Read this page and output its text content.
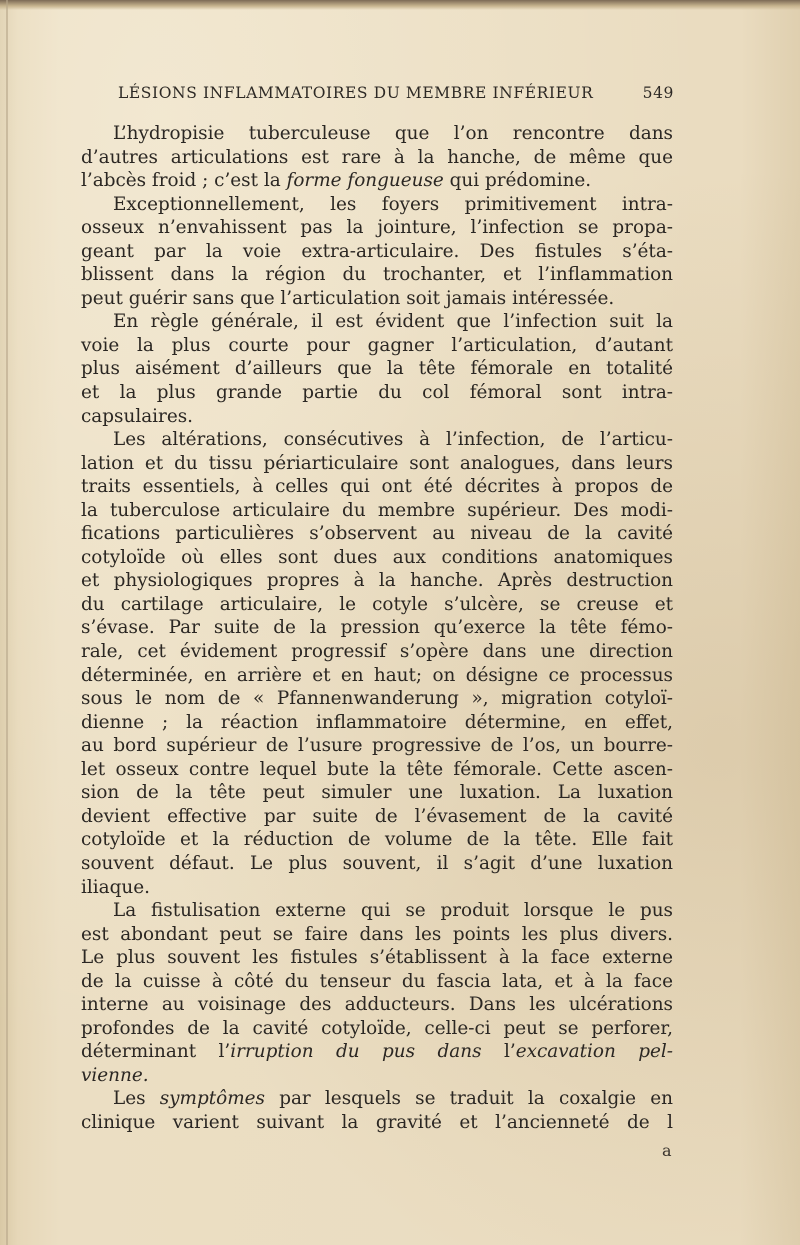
LÉSIONS INFLAMMATOIRES DU MEMBRE INFÉRIEUR	549
L’hydropisie tuberculeuse que l’on rencontre dans
d’autres articulations est rare à la hanche, de même que
l’abcès froid ; c’est la forme fongueuse qui prédomine.
Exceptionnellement, les foyers primitivement intra-
osseux n’envahissent pas la jointure, l’infection se propa-
geant par la voie extra-articulaire. Des fistules s’éta-
blissent dans la région du trochanter, et l’inflammation
peut guérir sans que l’articulation soit jamais intéressée.
En règle générale, il est évident que l’infection suit la
voie la plus courte pour gagner l’articulation, d’autant
plus aisément d’ailleurs que la tête fémorale en totalité
et la plus grande partie du col fémoral sont intra-
capsulaires.
Les altérations, consécutives à l’infection, de l’articu-
lation et du tissu périarticulaire sont analogues, dans leurs
traits essentiels, à celles qui ont été décrites à propos de
la tuberculose articulaire du membre supérieur. Des modi-
fications particulières s’observent au niveau de la cavité
cotyloïde où elles sont dues aux conditions anatomiques
et physiologiques propres à la hanche. Après destruction
du cartilage articulaire, le cotyle s’ulcère, se creuse et
s’évase. Par suite de la pression qu’exerce la tête fémo-
rale, cet évidement progressif s’opère dans une direction
déterminée, en arrière et en haut; on désigne ce processus
sous le nom de « Pfannenwanderung », migration cotyloï-
dienne ; la réaction inflammatoire détermine, en effet,
au bord supérieur de l’usure progressive de l’os, un bourre-
let osseux contre lequel bute la tête fémorale. Cette ascen-
sion de la tête peut simuler une luxation. La luxation
devient effective par suite de l’évasement de la cavité
cotyloïde et la réduction de volume de la tête. Elle fait
souvent défaut. Le plus souvent, il s’agit d’une luxation
iliaque.
La fistulisation externe qui se produit lorsque le pus
est abondant peut se faire dans les points les plus divers.
Le plus souvent les fistules s’établissent à la face externe
de la cuisse à côté du tenseur du fascia lata, et à la face
interne au voisinage des adducteurs. Dans les ulcérations
profondes de la cavité cotyloïde, celle-ci peut se perforer,
déterminant l’irruption du pus dans l’excavation pel-
vienne.
Les symptômes par lesquels se traduit la coxalgie en
clinique varient suivant la gravité et l’ancienneté de l
a
